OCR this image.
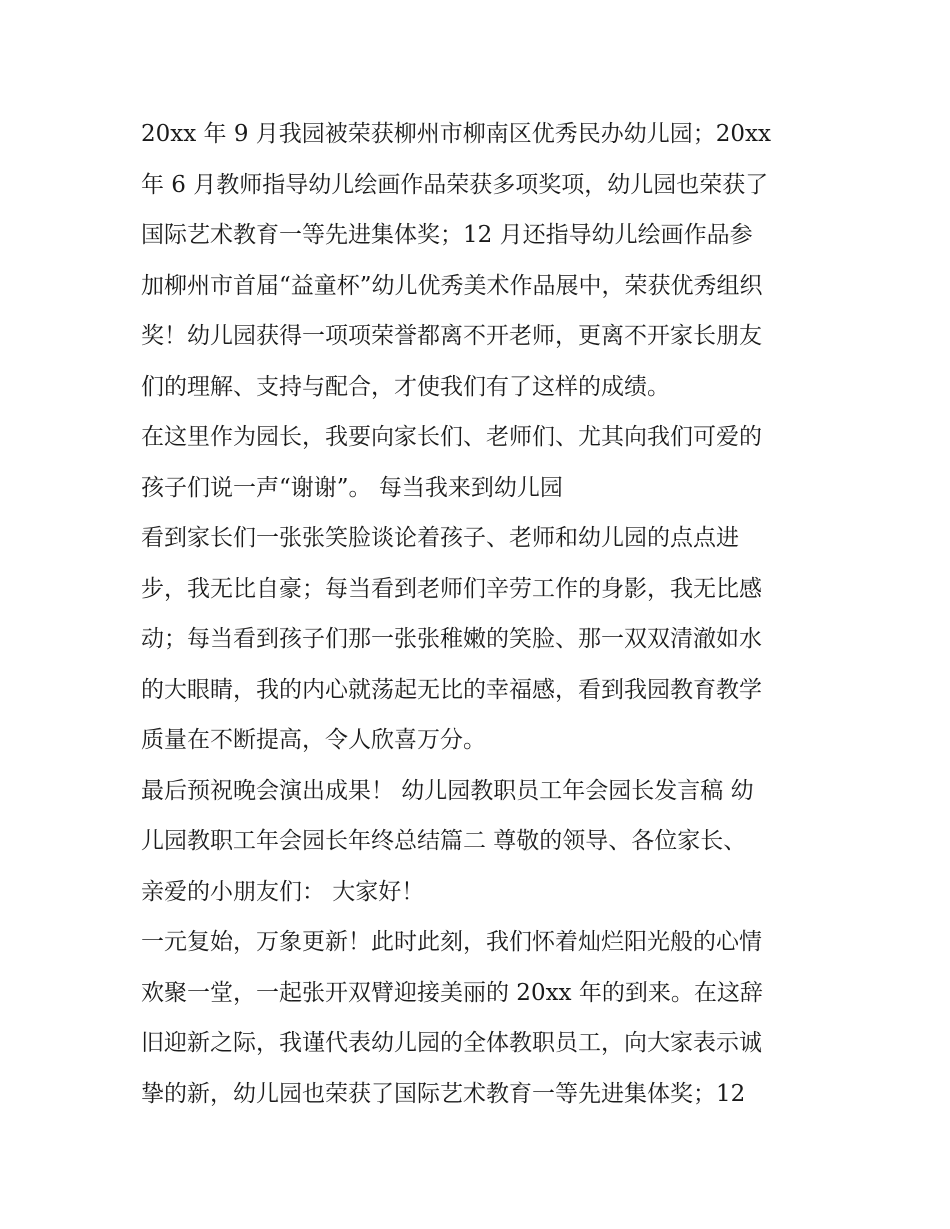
20xx 年 9 月我园被荣获柳州市柳南区优秀民办幼儿园；20xx
年 6 月教师指导幼儿绘画作品荣获多项奖项，幼儿园也荣获了
国际艺术教育一等先进集体奖；12 月还指导幼儿绘画作品参
加柳州市首届“益童杯”幼儿优秀美术作品展中，荣获优秀组织
奖！幼儿园获得一项项荣誉都离不开老师，更离不开家长朋友
们的理解、支持与配合，才使我们有了这样的成绩。
在这里作为园长，我要向家长们、老师们、尤其向我们可爱的
孩子们说一声“谢谢”。 每当我来到幼儿园
看到家长们一张张笑脸谈论着孩子、老师和幼儿园的点点进
步，我无比自豪；每当看到老师们辛劳工作的身影，我无比感
动；每当看到孩子们那一张张稚嫩的笑脸、那一双双清澈如水
的大眼睛，我的内心就荡起无比的幸福感，看到我园教育教学
质量在不断提高，令人欣喜万分。
最后预祝晚会演出成果！ 幼儿园教职员工年会园长发言稿 幼
儿园教职工年会园长年终总结篇二 尊敬的领导、各位家长、
亲爱的小朋友们： 大家好！
一元复始，万象更新！此时此刻，我们怀着灿烂阳光般的心情
欢聚一堂，一起张开双臂迎接美丽的 20xx 年的到来。在这辞
旧迎新之际，我谨代表幼儿园的全体教职员工，向大家表示诚
挚的新，幼儿园也荣获了国际艺术教育一等先进集体奖；12
